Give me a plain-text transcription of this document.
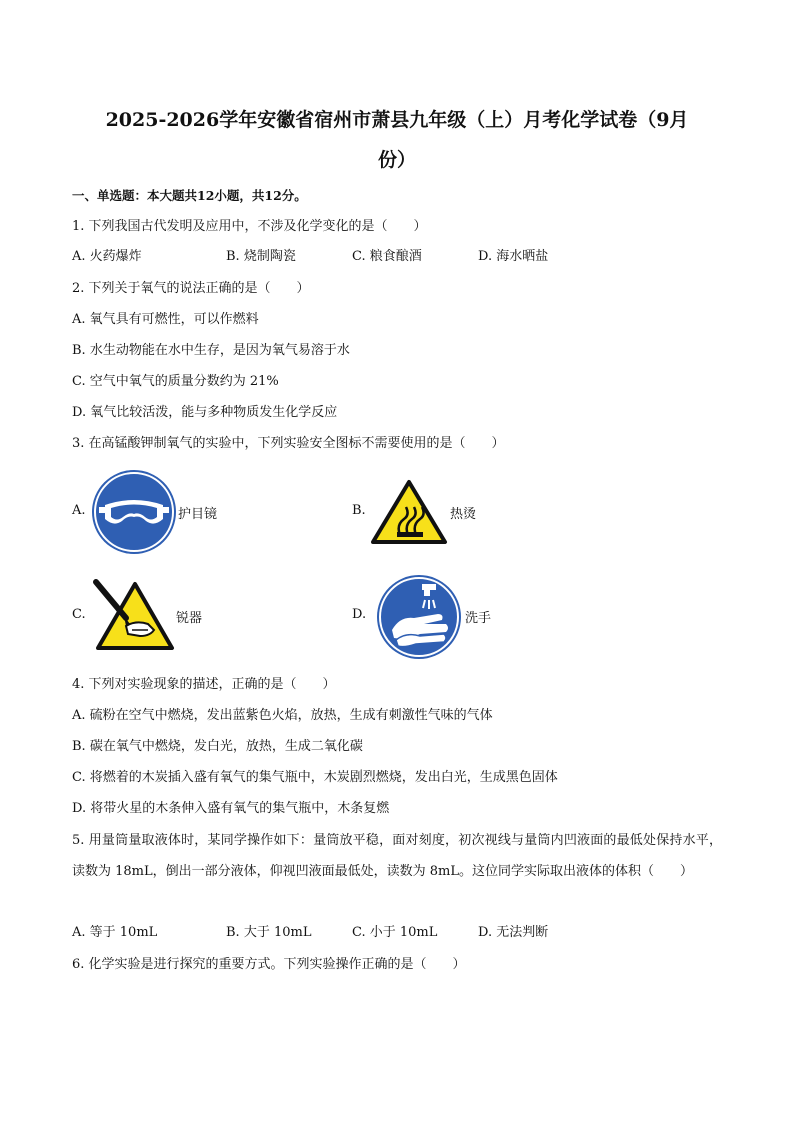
2025-2026学年安徽省宿州市萧县九年级（上）月考化学试卷（9月
份）
一、单选题：本大题共12小题，共12分。
1. 下列我国古代发明及应用中，不涉及化学变化的是（　　）
A. 火药爆炸	B. 烧制陶瓷	C. 粮食酿酒	D. 海水晒盐
2. 下列关于氧气的说法正确的是（　　）
A. 氧气具有可燃性，可以作燃料
B. 水生动物能在水中生存，是因为氧气易溶于水
C. 空气中氧气的质量分数约为 21%
D. 氧气比较活泼，能与多种物质发生化学反应
3. 在高锰酸钾制氧气的实验中，下列实验安全图标不需要使用的是（　　）
A.	护目镜	B.	热烫
C.	锐器	D.	洗手
4. 下列对实验现象的描述，正确的是（　　）
A. 硫粉在空气中燃烧，发出蓝紫色火焰，放热，生成有刺激性气味的气体
B. 碳在氧气中燃烧，发白光，放热，生成二氧化碳
C. 将燃着的木炭插入盛有氧气的集气瓶中，木炭剧烈燃烧，发出白光，生成黑色固体
D. 将带火星的木条伸入盛有氧气的集气瓶中，木条复燃
5. 用量筒量取液体时，某同学操作如下：量筒放平稳，面对刻度，初次视线与量筒内凹液面的最低处保持水平，读数为 18mL，倒出一部分液体，仰视凹液面最低处，读数为 8mL。这位同学实际取出液体的体积（　　）
A. 等于 10mL	B. 大于 10mL	C. 小于 10mL	D. 无法判断
6. 化学实验是进行探究的重要方式。下列实验操作正确的是（　　）
